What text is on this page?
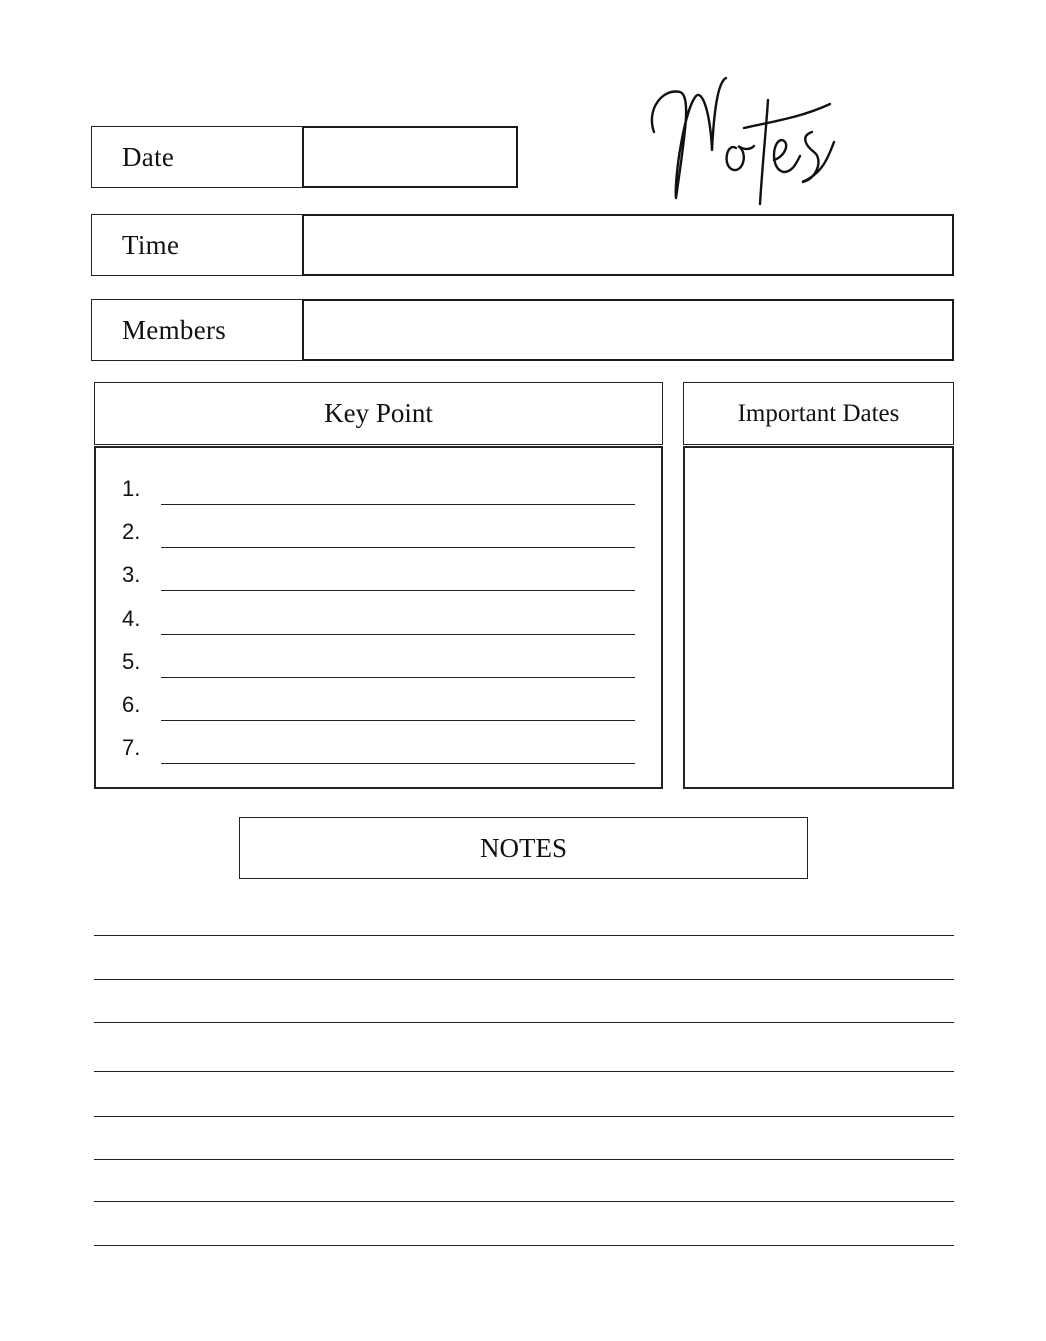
Date
Time
Members
Key Point
1.
2.
3.
4.
5.
6.
7.
Important Dates
NOTES
